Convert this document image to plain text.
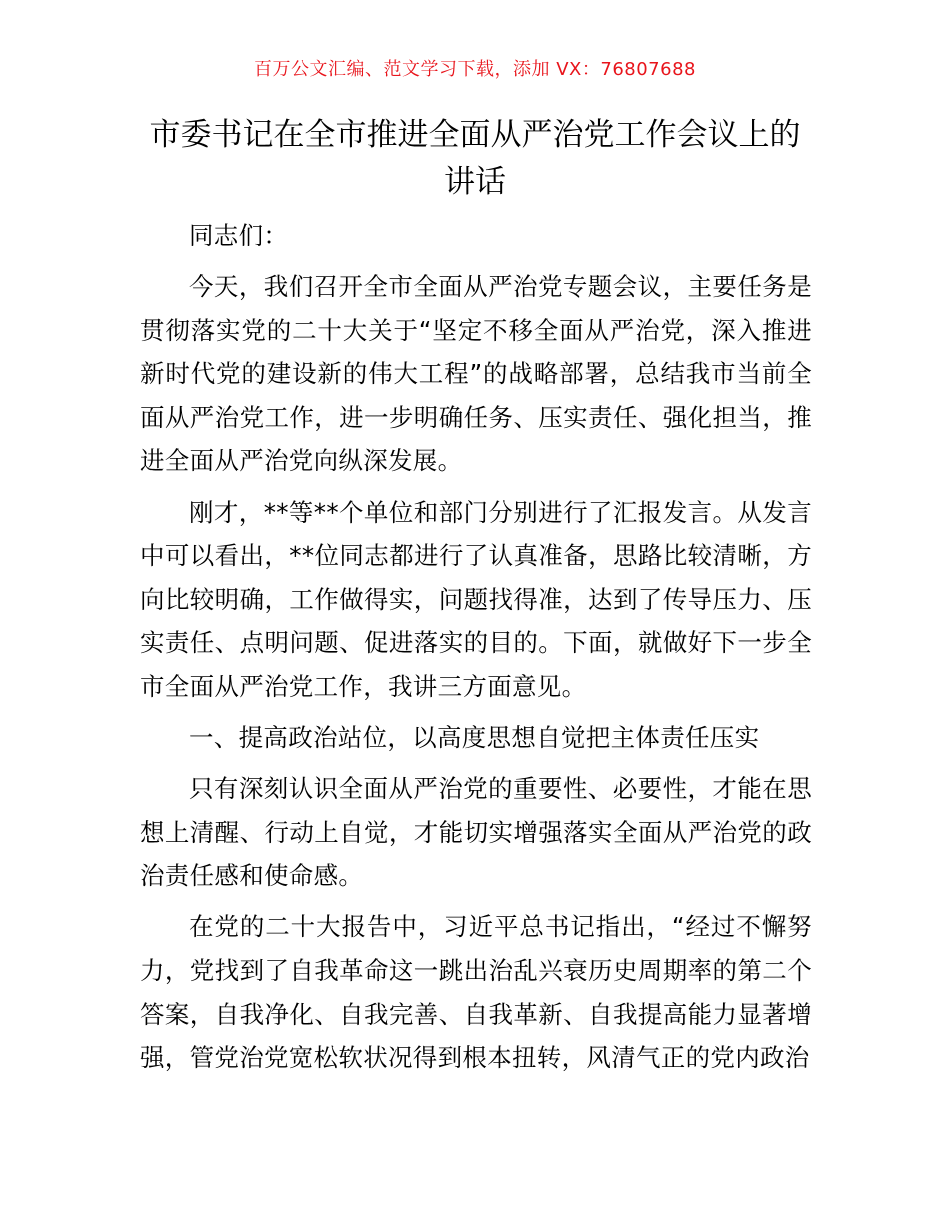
百万公文汇编、范文学习下载，添加 VX：76807688
市委书记在全市推进全面从严治党工作会议上的讲话

同志们：

今天，我们召开全市全面从严治党专题会议，主要任务是贯彻落实党的二十大关于“坚定不移全面从严治党，深入推进新时代党的建设新的伟大工程”的战略部署，总结我市当前全面从严治党工作，进一步明确任务、压实责任、强化担当，推进全面从严治党向纵深发展。

刚才，**等**个单位和部门分别进行了汇报发言。从发言中可以看出，**位同志都进行了认真准备，思路比较清晰，方向比较明确，工作做得实，问题找得准，达到了传导压力、压实责任、点明问题、促进落实的目的。下面，就做好下一步全市全面从严治党工作，我讲三方面意见。

一、提高政治站位，以高度思想自觉把主体责任压实

只有深刻认识全面从严治党的重要性、必要性，才能在思想上清醒、行动上自觉，才能切实增强落实全面从严治党的政治责任感和使命感。

在党的二十大报告中，习近平总书记指出，“经过不懈努力，党找到了自我革命这一跳出治乱兴衰历史周期率的第二个答案，自我净化、自我完善、自我革新、自我提高能力显著增强，管党治党宽松软状况得到根本扭转，风清气正的党内政治
